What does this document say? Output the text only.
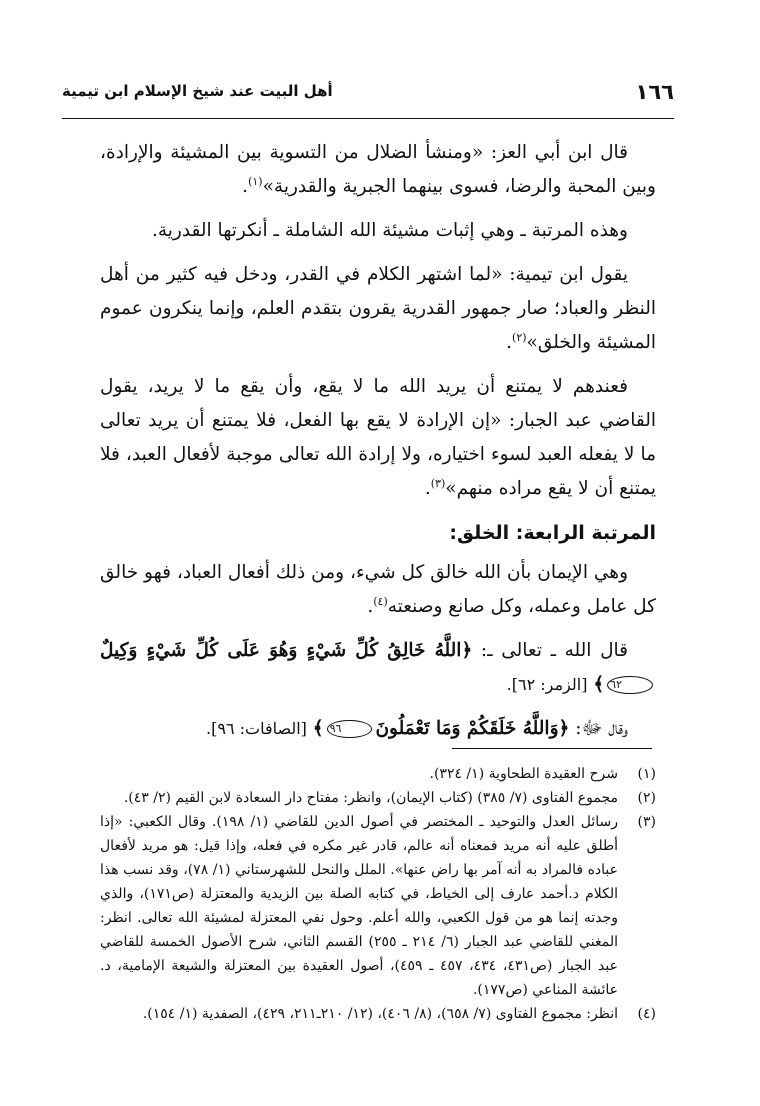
١٦٦
أهل البيت عند شيخ الإسلام ابن تيمية

قال ابن أبي العز: «ومنشأ الضلال من التسوية بين المشيئة والإرادة، وبين المحبة والرضا، فسوى بينهما الجبرية والقدرية»$^{(١)}$.

وهذه المرتبة ـ وهي إثبات مشيئة الله الشاملة ـ أنكرتها القدرية.

يقول ابن تيمية: «لما اشتهر الكلام في القدر، ودخل فيه كثير من أهل النظر والعباد؛ صار جمهور القدرية يقرون بتقدم العلم، وإنما ينكرون عموم المشيئة والخلق»$^{(٢)}$.

فعندهم لا يمتنع أن يريد الله ما لا يقع، وأن يقع ما لا يريد، يقول القاضي عبد الجبار: «إن الإرادة لا يقع بها الفعل، فلا يمتنع أن يريد تعالى ما لا يفعله العبد لسوء اختياره، ولا إرادة الله تعالى موجبة لأفعال العبد، فلا يمتنع أن لا يقع مراده منهم»$^{(٣)}$.

المرتبة الرابعة: الخلق:

وهي الإيمان بأن الله خالق كل شيء، ومن ذلك أفعال العباد، فهو خالق كل عامل وعمله، وكل صانع وصنعته$^{(٤)}$.

قال الله ـ تعالى ـ: ﴿اللَّهُ خَالِقُ كُلِّ شَيْءٍ وَهُوَ عَلَى كُلِّ شَيْءٍ وَكِيلٌ٦٢﴾ [الزمر: ٦٢].

وقال ﷻ: ﴿وَاللَّهُ خَلَقَكُمْ وَمَا تَعْمَلُونَ٩٦﴾ [الصافات: ٩٦].

(١)
شرح العقيدة الطحاوية (١/ ٣٢٤).
(٢)
مجموع الفتاوى (٧/ ٣٨٥) (كتاب الإيمان)، وانظر: مفتاح دار السعادة لابن القيم (٢/ ٤٣).
(٣)
رسائل العدل والتوحيد ـ المختصر في أصول الدين للقاضي (١/ ١٩٨). وقال الكعبي: «إذا أطلق عليه أنه مريد فمعناه أنه عالم، قادر غير مكره في فعله، وإذا قيل: هو مريد لأفعال عباده فالمراد به أنه آمر بها راض عنها». الملل والنحل للشهرستاني (١/ ٧٨)، وقد نسب هذا الكلام د.أحمد عارف إلى الخياط، في كتابه الصلة بين الزيدية والمعتزلة (ص١٧١)، والذي وجدته إنما هو من قول الكعبي، والله أعلم. وحول نفي المعتزلة لمشيئة الله تعالى. انظر: المغني للقاضي عبد الجبار (٦/ ٢١٤ ـ ٢٥٥) القسم الثاني، شرح الأصول الخمسة للقاضي عبد الجبار (ص٤٣١، ٤٣٤، ٤٥٧ ـ ٤٥٩)، أصول العقيدة بين المعتزلة والشيعة الإمامية، د. عائشة المناعي (ص١٧٧).
(٤)
انظر: مجموع الفتاوى (٧/ ٦٥٨)، (٨/ ٤٠٦)، (١٢/ ٢١٠ـ٢١١، ٤٢٩)، الصفدية (١/ ١٥٤).
